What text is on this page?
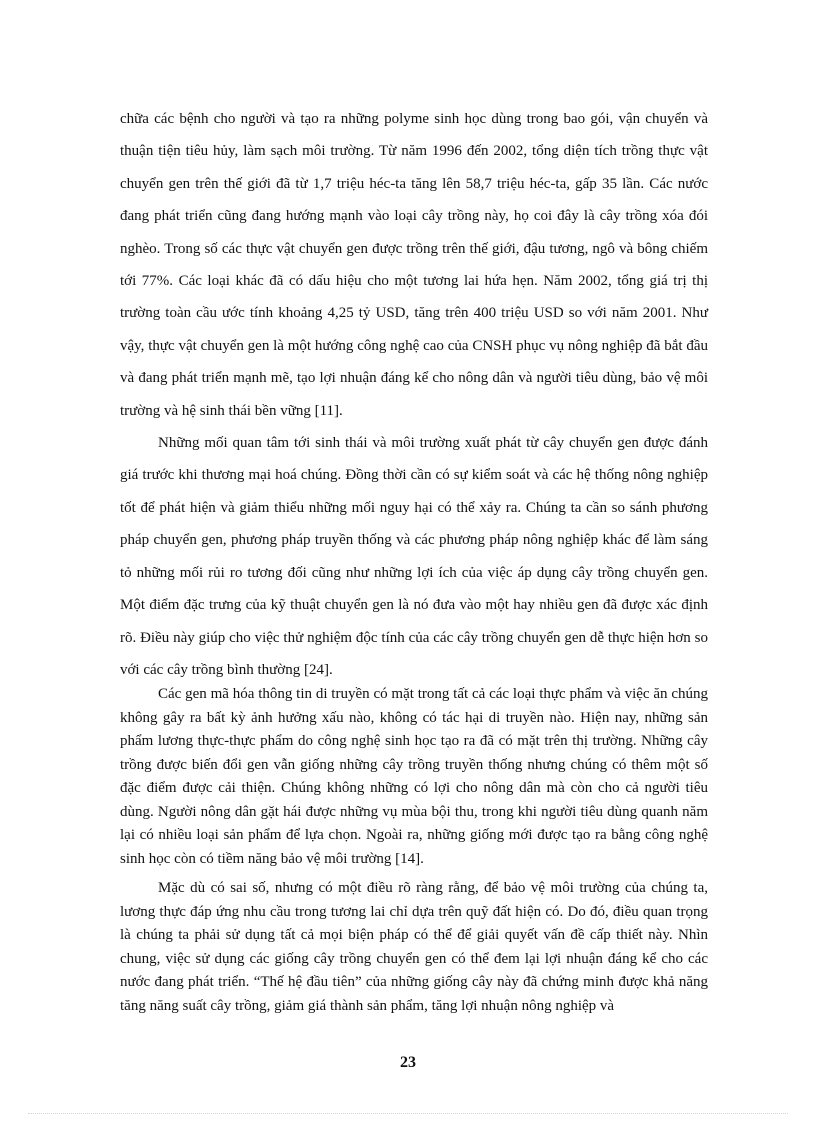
chữa các bệnh cho người và tạo ra những polyme sinh học dùng trong bao gói, vận chuyển và thuận tiện tiêu hủy, làm sạch môi trường. Từ năm 1996 đến 2002, tổng diện tích trồng thực vật chuyển gen trên thế giới đã từ 1,7 triệu héc-ta tăng lên 58,7 triệu héc-ta, gấp 35 lần. Các nước đang phát triển cũng đang hướng mạnh vào loại cây trồng này, họ coi đây là cây trồng xóa đói nghèo. Trong số các thực vật chuyển gen được trồng trên thế giới, đậu tương, ngô và bông chiếm tới 77%. Các loại khác đã có dấu hiệu cho một tương lai hứa hẹn. Năm 2002, tổng giá trị thị trường toàn cầu ước tính khoảng 4,25 tỷ USD, tăng trên 400 triệu USD so với năm 2001. Như vậy, thực vật chuyển gen là một hướng công nghệ cao của CNSH phục vụ nông nghiệp đã bắt đầu và đang phát triển mạnh mẽ, tạo lợi nhuận đáng kể cho nông dân và người tiêu dùng, bảo vệ môi trường và hệ sinh thái bền vững [11].

Những mối quan tâm tới sinh thái và môi trường xuất phát từ cây chuyển gen được đánh giá trước khi thương mại hoá chúng. Đồng thời cần có sự kiểm soát và các hệ thống nông nghiệp tốt để phát hiện và giảm thiểu những mối nguy hại có thể xảy ra. Chúng ta cần so sánh phương pháp chuyển gen, phương pháp truyền thống và các phương pháp nông nghiệp khác để làm sáng tỏ những mối rủi ro tương đối cũng như những lợi ích của việc áp dụng cây trồng chuyển gen. Một điểm đặc trưng của kỹ thuật chuyển gen là nó đưa vào một hay nhiều gen đã được xác định rõ. Điều này giúp cho việc thử nghiệm độc tính của các cây trồng chuyển gen dễ thực hiện hơn so với các cây trồng bình thường [24].

Các gen mã hóa thông tin di truyền có mặt trong tất cả các loại thực phẩm và việc ăn chúng không gây ra bất kỳ ảnh hưởng xấu nào, không có tác hại di truyền nào. Hiện nay, những sản phẩm lương thực-thực phẩm do công nghệ sinh học tạo ra đã có mặt trên thị trường. Những cây trồng được biến đổi gen vẫn giống những cây trồng truyền thống nhưng chúng có thêm một số đặc điểm được cải thiện. Chúng không những có lợi cho nông dân mà còn cho cả người tiêu dùng. Người nông dân gặt hái được những vụ mùa bội thu, trong khi người tiêu dùng quanh năm lại có nhiều loại sản phẩm để lựa chọn. Ngoài ra, những giống mới được tạo ra bằng công nghệ sinh học còn có tiềm năng bảo vệ môi trường [14].

Mặc dù có sai số, nhưng có một điều rõ ràng rằng, để bảo vệ môi trường của chúng ta, lương thực đáp ứng nhu cầu trong tương lai chỉ dựa trên quỹ đất hiện có. Do đó, điều quan trọng là chúng ta phải sử dụng tất cả mọi biện pháp có thể để giải quyết vấn đề cấp thiết này. Nhìn chung, việc sử dụng các giống cây trồng chuyển gen có thể đem lại lợi nhuận đáng kể cho các nước đang phát triển. “Thế hệ đầu tiên” của những giống cây này đã chứng minh được khả năng tăng năng suất cây trồng, giảm giá thành sản phẩm, tăng lợi nhuận nông nghiệp và

23
